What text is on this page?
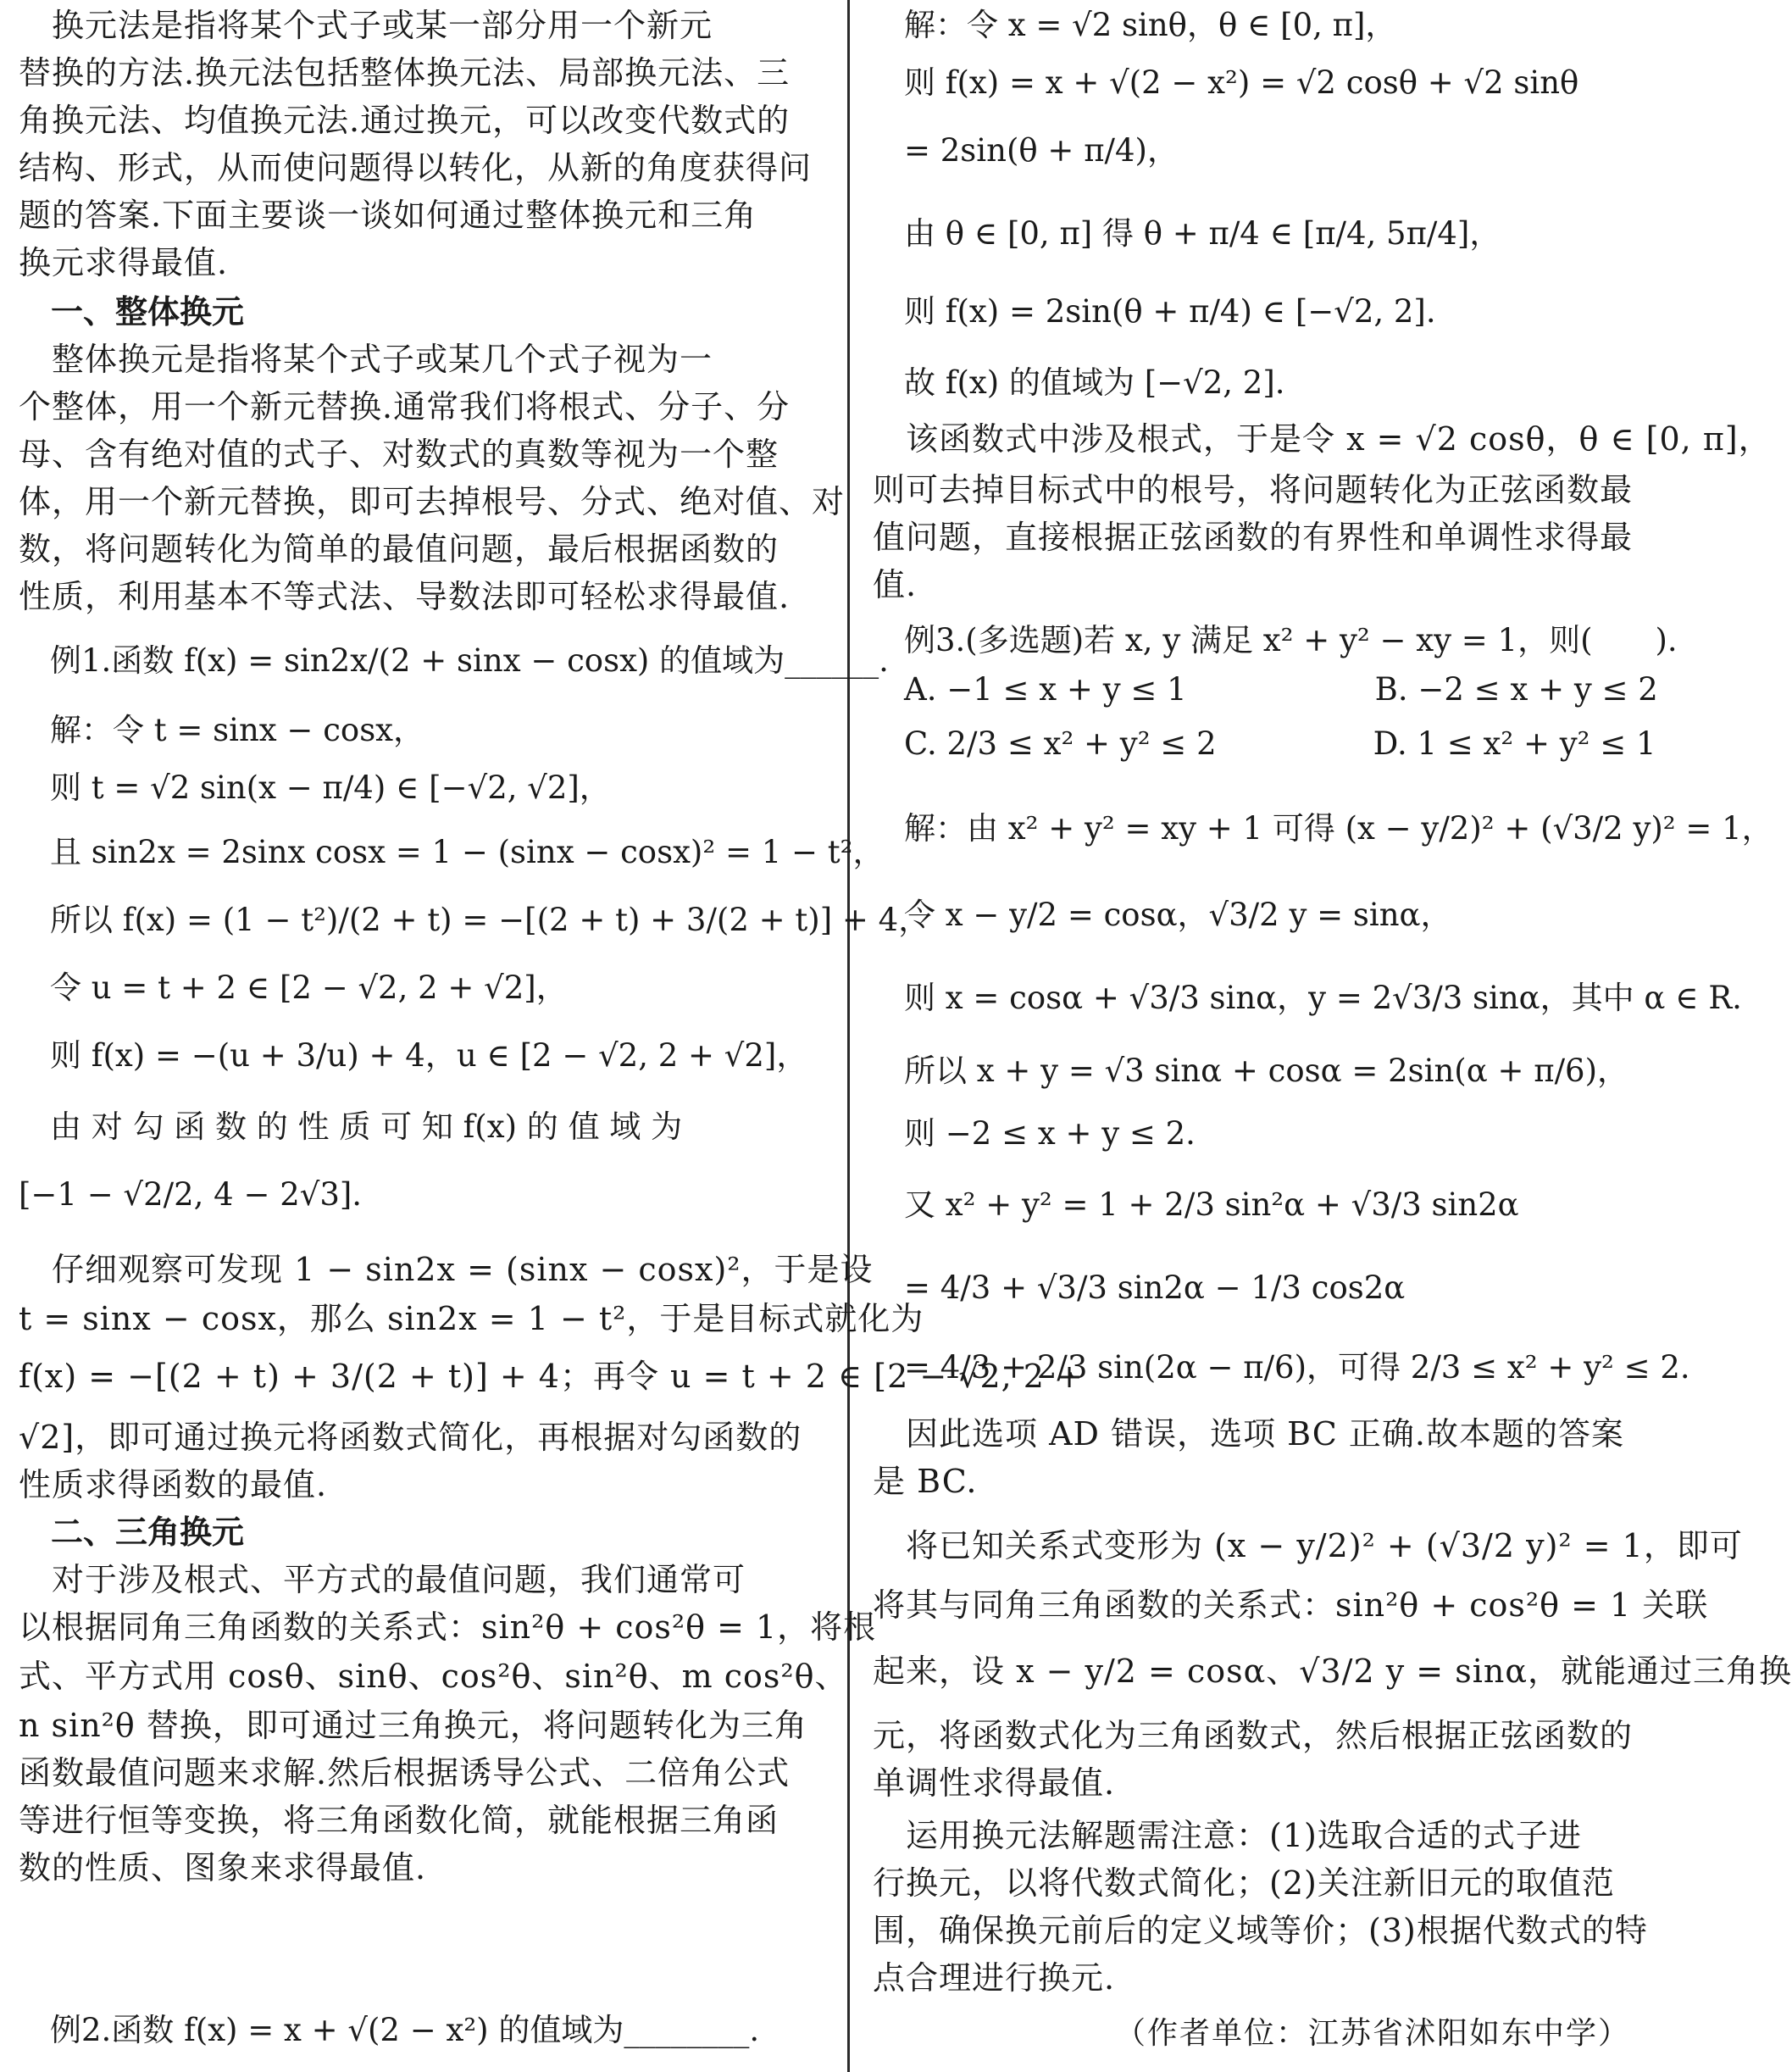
　换元法是指将某个式子或某一部分用一个新元
替换的方法.换元法包括整体换元法、局部换元法、三
角换元法、均值换元法.通过换元，可以改变代数式的
结构、形式，从而使问题得以转化，从新的角度获得问
题的答案.下面主要谈一谈如何通过整体换元和三角
换元求得最值.
　一、整体换元
　整体换元是指将某个式子或某几个式子视为一
个整体，用一个新元替换.通常我们将根式、分子、分
母、含有绝对值的式子、对数式的真数等视为一个整
体，用一个新元替换，即可去掉根号、分式、绝对值、对
数，将问题转化为简单的最值问题，最后根据函数的
性质，利用基本不等式法、导数法即可轻松求得最值.
　例1.函数 f(x) = sin2x/(2 + sinx − cosx) 的值域为______.
　解：令 t = sinx − cosx，
　则 t = √2 sin(x − π/4) ∈ [−√2, √2]，
　且 sin2x = 2sinx cosx = 1 − (sinx − cosx)² = 1 − t²，
　所以 f(x) = (1 − t²)/(2 + t) = −[(2 + t) + 3/(2 + t)] + 4，
　令 u = t + 2 ∈ [2 − √2, 2 + √2]，
　则 f(x) = −(u + 3/u) + 4，u ∈ [2 − √2, 2 + √2]，
　由 对 勾 函 数 的 性 质 可 知 f(x) 的 值 域 为
[−1 − √2/2, 4 − 2√3].
　仔细观察可发现 1 − sin2x = (sinx − cosx)²，于是设
t = sinx − cosx，那么 sin2x = 1 − t²，于是目标式就化为
f(x) = −[(2 + t) + 3/(2 + t)] + 4；再令 u = t + 2 ∈ [2 − √2, 2 +
√2]，即可通过换元将函数式简化，再根据对勾函数的
性质求得函数的最值.
　二、三角换元
　对于涉及根式、平方式的最值问题，我们通常可
以根据同角三角函数的关系式：sin²θ + cos²θ = 1，将根
式、平方式用 cosθ、sinθ、cos²θ、sin²θ、m cos²θ、
n sin²θ 替换，即可通过三角换元，将问题转化为三角
函数最值问题来求解.然后根据诱导公式、二倍角公式
等进行恒等变换，将三角函数化简，就能根据三角函
数的性质、图象来求得最值.
　例2.函数 f(x) = x + √(2 − x²) 的值域为________.
　解：令 x = √2 sinθ，θ ∈ [0, π]，
　则 f(x) = x + √(2 − x²) = √2 cosθ + √2 sinθ
　= 2sin(θ + π/4)，
　由 θ ∈ [0, π] 得 θ + π/4 ∈ [π/4, 5π/4]，
　则 f(x) = 2sin(θ + π/4) ∈ [−√2, 2].
　故 f(x) 的值域为 [−√2, 2].
　该函数式中涉及根式，于是令 x = √2 cosθ，θ ∈ [0, π]，
则可去掉目标式中的根号，将问题转化为正弦函数最
值问题，直接根据正弦函数的有界性和单调性求得最
值.
　例3.(多选题)若 x, y 满足 x² + y² − xy = 1，则(　　).
　A. −1 ≤ x + y ≤ 1　　　　　　B. −2 ≤ x + y ≤ 2
　C. 2/3 ≤ x² + y² ≤ 2　　　　　D. 1 ≤ x² + y² ≤ 1
　解：由 x² + y² = xy + 1 可得 (x − y/2)² + (√3/2 y)² = 1，
　令 x − y/2 = cosα，√3/2 y = sinα，
　则 x = cosα + √3/3 sinα，y = 2√3/3 sinα，其中 α ∈ R.
　所以 x + y = √3 sinα + cosα = 2sin(α + π/6)，
　则 −2 ≤ x + y ≤ 2.
　又 x² + y² = 1 + 2/3 sin²α + √3/3 sin2α
　= 4/3 + √3/3 sin2α − 1/3 cos2α
　= 4/3 + 2/3 sin(2α − π/6)，可得 2/3 ≤ x² + y² ≤ 2.
　因此选项 AD 错误，选项 BC 正确.故本题的答案
是 BC.
　将已知关系式变形为 (x − y/2)² + (√3/2 y)² = 1，即可
将其与同角三角函数的关系式：sin²θ + cos²θ = 1 关联
起来，设 x − y/2 = cosα、√3/2 y = sinα，就能通过三角换
元，将函数式化为三角函数式，然后根据正弦函数的
单调性求得最值.
　运用换元法解题需注意：(1)选取合适的式子进
行换元，以将代数式简化；(2)关注新旧元的取值范
围，确保换元前后的定义域等价；(3)根据代数式的特
点合理进行换元.
　　　　　　　　（作者单位：江苏省沭阳如东中学）
